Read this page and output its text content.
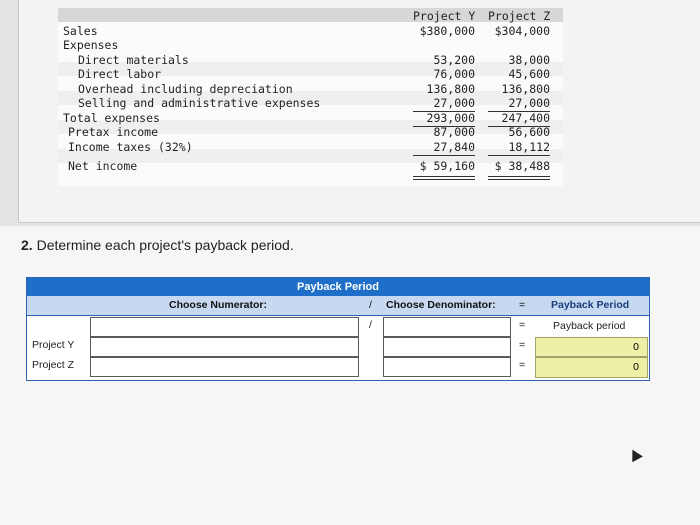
Project Y Project Z
Sales	$380,000 $304,000
Expenses
Direct materials	53,200	38,000
Direct labor	76,000	45,600
Overhead including depreciation	136,800 136,800
Selling and administrative expenses	27,000	27,000
Total expenses	293,000 247,400
Pretax income	87,000	56,600
Income taxes (32%)	27,840	18,112
Net income	$ 59,160 $ 38,488
2. Determine each project's payback period.
Payback Period
Choose Numerator:	/ Choose Denominator: = Payback Period
/	=	Payback period
Project Y	=	0
Project Z	=	0
